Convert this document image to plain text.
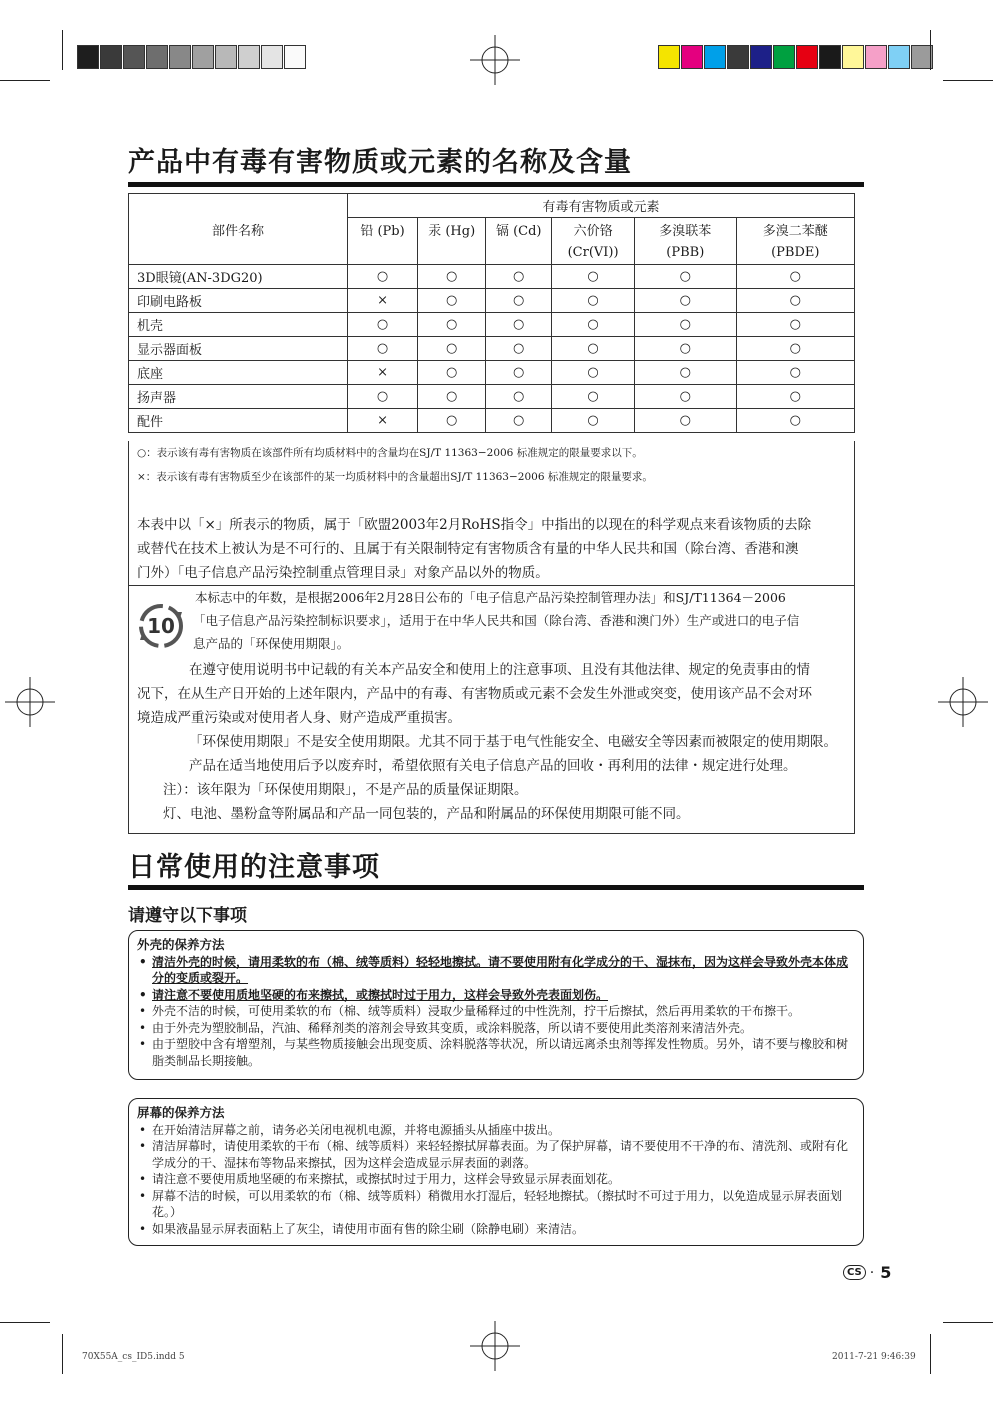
产品中有毒有害物质或元素的名称及含量
部件名称	有毒有害物质或元素					
	铅 (Pb)	汞 (Hg)	镉 (Cd)	六价铬	多溴联苯	多溴二苯醚
				(Cr(VI))	(PBB)	(PBDE)
3D眼镜(AN-3DG20)	○	○	○	○	○	○
印刷电路板	×	○	○	○	○	○
机壳	○	○	○	○	○	○
显示器面板	○	○	○	○	○	○
底座	×	○	○	○	○	○
扬声器	○	○	○	○	○	○
配件	×	○	○	○	○	○
○：表示该有毒有害物质在该部件所有均质材料中的含量均在SJ/T 11363−2006 标准规定的限量要求以下。
×：表示该有毒有害物质至少在该部件的某一均质材料中的含量超出SJ/T 11363−2006 标准规定的限量要求。
本表中以「×」所表示的物质，属于「欧盟2003年2月RoHS指令」中指出的以现在的科学观点来看该物质的去除
或替代在技术上被认为是不可行的、且属于有关限制特定有害物质含有量的中华人民共和国（除台湾、香港和澳
门外）「电子信息产品污染控制重点管理目录」对象产品以外的物质。
10
本标志中的年数，是根据2006年2月28日公布的「电子信息产品污染控制管理办法」和SJ/T11364－2006
「电子信息产品污染控制标识要求」，适用于在中华人民共和国（除台湾、香港和澳门外）生产或进口的电子信
息产品的「环保使用期限」。
在遵守使用说明书中记载的有关本产品安全和使用上的注意事项、且没有其他法律、规定的免责事由的情
况下，在从生产日开始的上述年限内，产品中的有毒、有害物质或元素不会发生外泄或突变，使用该产品不会对环
境造成严重污染或对使用者人身、财产造成严重损害。
「环保使用期限」不是安全使用期限。尤其不同于基于电气性能安全、电磁安全等因素而被限定的使用期限。
产品在适当地使用后予以废弃时，希望依照有关电子信息产品的回收・再利用的法律・规定进行处理。
注）：该年限为「环保使用期限」，不是产品的质量保证期限。
灯、电池、墨粉盒等附属品和产品一同包装的，产品和附属品的环保使用期限可能不同。
日常使用的注意事项
请遵守以下事项
外壳的保养方法
• 清洁外壳的时候，请用柔软的布（棉、绒等质料）轻轻地擦拭。请不要使用附有化学成分的干、湿抹布，因为这样会导致外壳本体成分的变质或裂开。
• 请注意不要使用质地坚硬的布来擦拭，或擦拭时过于用力，这样会导致外壳表面划伤。
• 外壳不洁的时候，可使用柔软的布（棉、绒等质料）浸取少量稀释过的中性洗剂，拧干后擦拭，然后再用柔软的干布擦干。
• 由于外壳为塑胶制品，汽油、稀释剂类的溶剂会导致其变质，或涂料脱落，所以请不要使用此类溶剂来清洁外壳。
• 由于塑胶中含有增塑剂，与某些物质接触会出现变质、涂料脱落等状况，所以请远离杀虫剂等挥发性物质。另外，请不要与橡胶和树脂类制品长期接触。
屏幕的保养方法
• 在开始清洁屏幕之前，请务必关闭电视机电源，并将电源插头从插座中拔出。
• 清洁屏幕时，请使用柔软的干布（棉、绒等质料）来轻轻擦拭屏幕表面。为了保护屏幕，请不要使用不干净的布、清洗剂、或附有化学成分的干、湿抹布等物品来擦拭，因为这样会造成显示屏表面的剥落。
• 请注意不要使用质地坚硬的布来擦拭，或擦拭时过于用力，这样会导致显示屏表面划花。
• 屏幕不洁的时候，可以用柔软的布（棉、绒等质料）稍微用水打湿后，轻轻地擦拭。（擦拭时不可过于用力，以免造成显示屏表面划花。）
• 如果液晶显示屏表面粘上了灰尘，请使用市面有售的除尘刷（除静电刷）来清洁。
CS · 5
70X55A_cs_ID5.indd 5	2011-7-21 9:46:39
